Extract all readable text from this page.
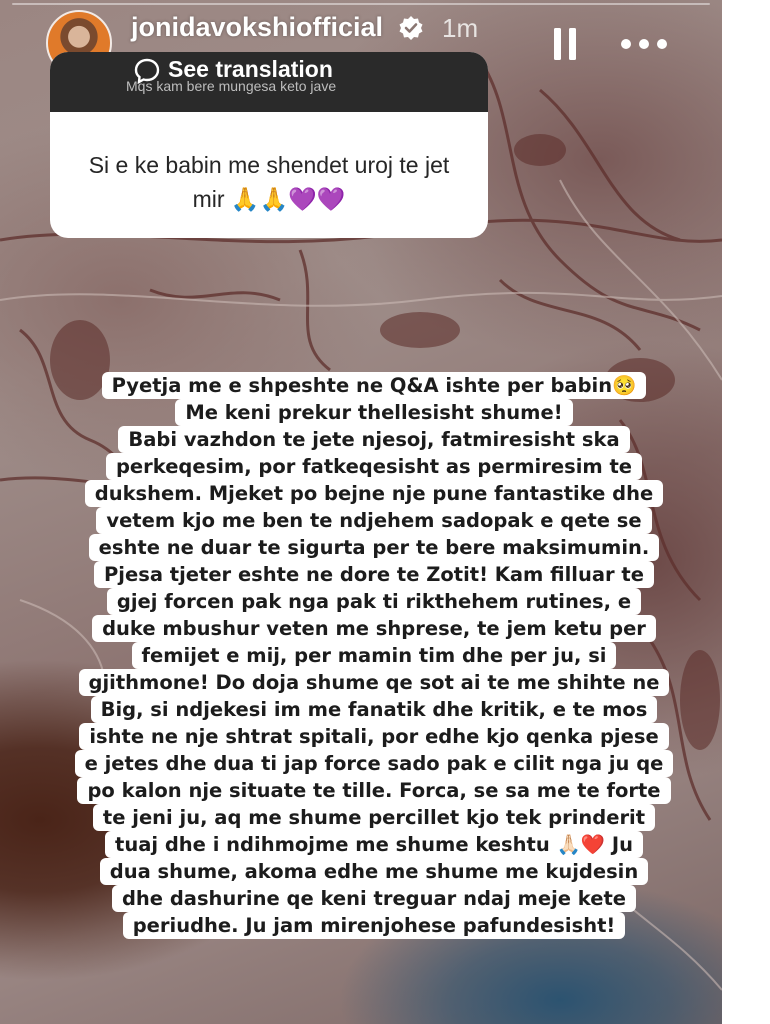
jonidavokshiofficial 1m
See translation
Mqs kam bere mungesa keto jave
Si e ke babin me shendet uroj te jet mir 🙏🙏💜💜
Pyetja me e shpeshte ne Q&A ishte per babin🥺
Me keni prekur thellesisht shume!
Babi vazhdon te jete njesoj, fatmiresisht ska
perkeqesim, por fatkeqesisht as permiresim te
dukshem. Mjeket po bejne nje pune fantastike dhe
vetem kjo me ben te ndjehem sadopak e qete se
eshte ne duar te sigurta per te bere maksimumin.
Pjesa tjeter eshte ne dore te Zotit! Kam filluar te
gjej forcen pak nga pak ti rikthehem rutines, e
duke mbushur veten me shprese, te jem ketu per
femijet e mij, per mamin tim dhe per ju, si
gjithmone! Do doja shume qe sot ai te me shihte ne
Big, si ndjekesi im me fanatik dhe kritik, e te mos
ishte ne nje shtrat spitali, por edhe kjo qenka pjese
e jetes dhe dua ti jap force sado pak e cilit nga ju qe
po kalon nje situate te tille. Forca, se sa me te forte
te jeni ju, aq me shume percillet kjo tek prinderit
tuaj dhe i ndihmojme me shume keshtu 🙏🏻❤️ Ju
dua shume, akoma edhe me shume me kujdesin
dhe dashurine qe keni treguar ndaj meje kete
periudhe. Ju jam mirenjohese pafundesisht!
